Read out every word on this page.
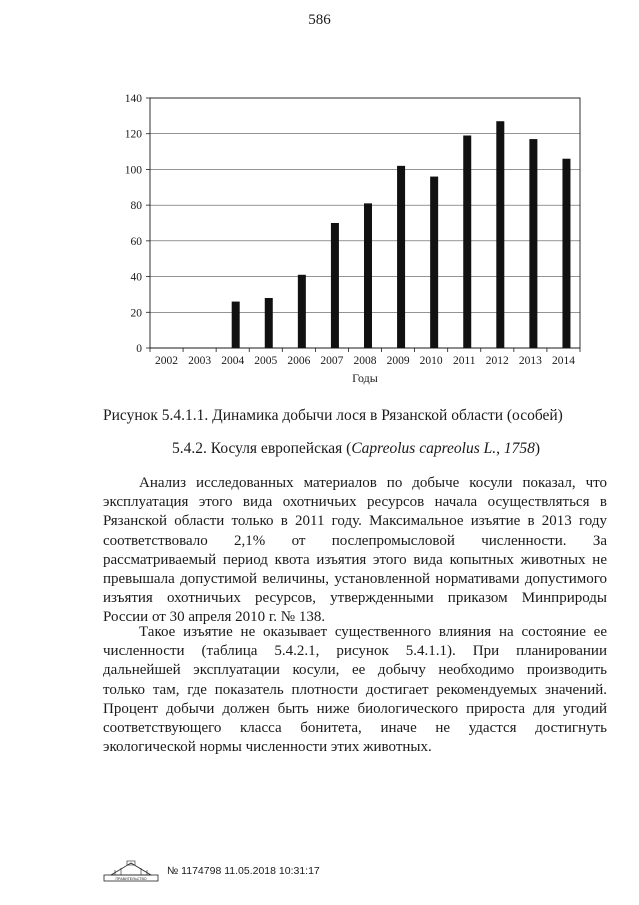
586
0
20
40
60
80
100
120
140
2002 2003 2004 2005 2006 2007 2008 2009 2010 2011 2012 2013 2014
Годы
Рисунок 5.4.1.1. Динамика добычи лося в Рязанской области (особей)
5.4.2. Косуля европейская (Capreolus capreolus L., 1758)
Анализ исследованных материалов по добыче косули показал, что
эксплуатация этого вида охотничьих ресурсов начала осуществляться в
Рязанской области только в 2011 году. Максимальное изъятие в 2013 году
соответствовало 2,1% от послепромысловой численности. За
рассматриваемый период квота изъятия этого вида копытных животных не
превышала допустимой величины, установленной нормативами допустимого
изъятия охотничьих ресурсов, утвержденными приказом Минприроды
России от 30 апреля 2010 г. № 138.
Такое изъятие не оказывает существенного влияния на состояние ее
численности (таблица 5.4.2.1, рисунок 5.4.1.1). При планировании
дальнейшей эксплуатации косули, ее добычу необходимо производить
только там, где показатель плотности достигает рекомендуемых значений.
Процент добычи должен быть ниже биологического прироста для угодий
соответствующего класса бонитета, иначе не удастся достигнуть
экологической нормы численности этих животных.
ПРАВИТЕЛЬСТВО
№ 1174798 11.05.2018 10:31:17
